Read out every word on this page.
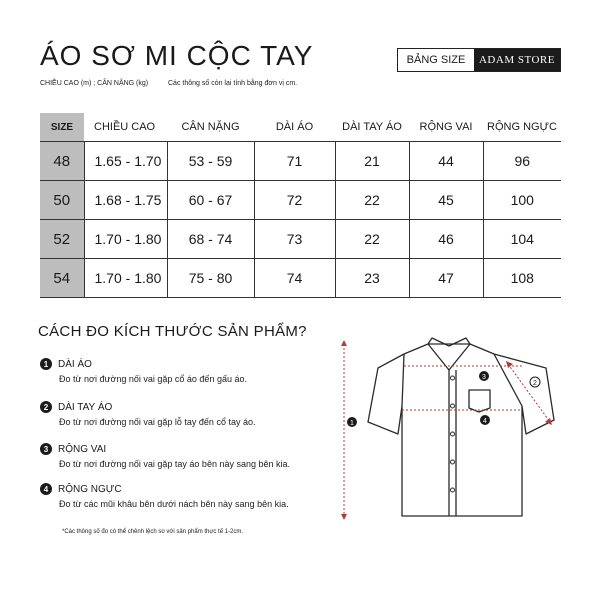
ÁO SƠ MI CỘC TAY
CHIỀU CAO (m) ; CÂN NẶNG (kg)	Các thông số còn lại tính bằng đơn vị cm.
BẢNG SIZE	ADAM STORE
SIZE	CHIỀU CAO	CÂN NẶNG	DÀI ÁO	DÀI TAY ÁO	RỘNG VAI	RỘNG NGỰC
48	1.65 - 1.70	53 - 59	71	21	44	96
50	1.68 - 1.75	60 - 67	72	22	45	100
52	1.70 - 1.80	68 - 74	73	22	46	104
54	1.70 - 1.80	75 - 80	74	23	47	108
CÁCH ĐO KÍCH THƯỚC SẢN PHẨM?
1 DÀI ÁO
Đo từ nơi đường nối vai gặp cổ áo đến gấu áo.
2 DÀI TAY ÁO
Đo từ nơi đường nối vai gặp lỗ tay đến cổ tay áo.
3 RỘNG VAI
Đo từ nơi đường nối vai gặp tay áo bên này sang bên kia.
4 RỘNG NGỰC
Đo từ các mũi khâu bên dưới nách bên này sang bên kia.
*Các thông số đo có thể chênh lệch so với sản phẩm thực tế 1-2cm.
1
2
3
4
